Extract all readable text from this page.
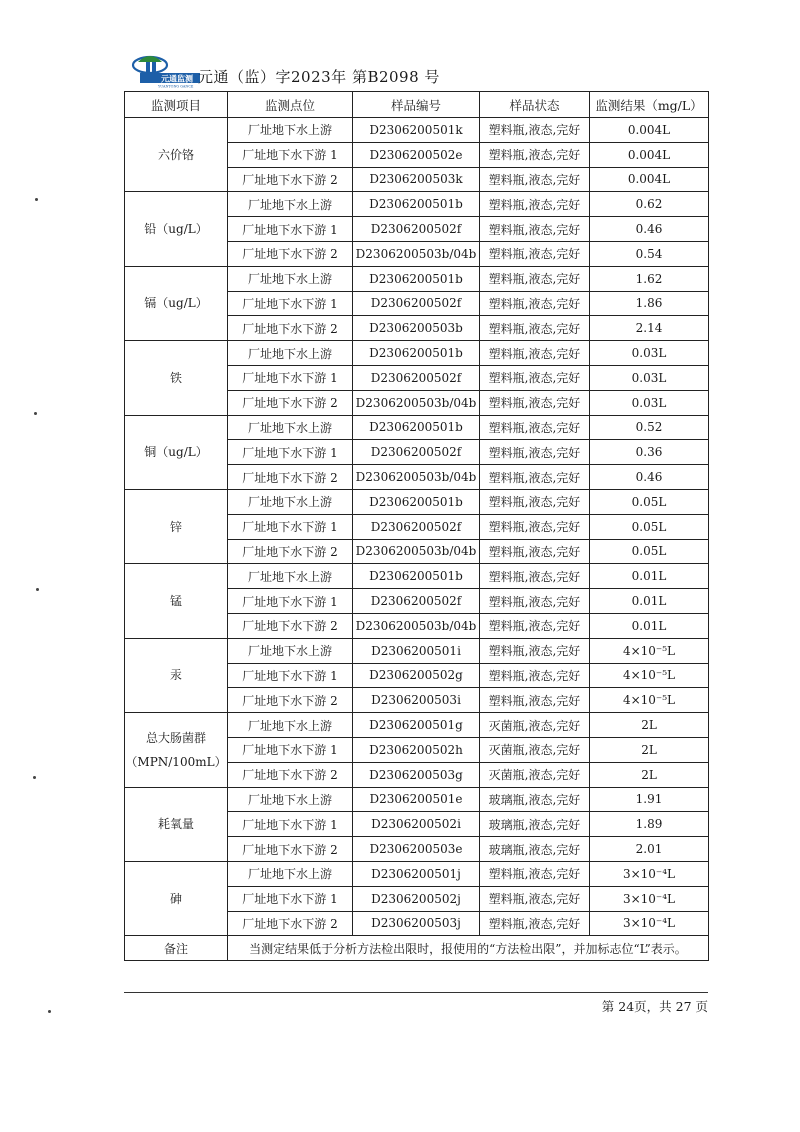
元通监测
YUANTONG GANCE
元通（监）字2023年 第B2098 号
监测项目	监测点位	样品编号	样品状态	监测结果（mg/L）

六价铬	厂址地下水上游	D2306200501k	塑料瓶,液态,完好	0.004L
	厂址地下水下游 1	D2306200502e	塑料瓶,液态,完好	0.004L
	厂址地下水下游 2	D2306200503k	塑料瓶,液态,完好	0.004L

铅（ug/L）	厂址地下水上游	D2306200501b	塑料瓶,液态,完好	0.62
	厂址地下水下游 1	D2306200502f	塑料瓶,液态,完好	0.46
	厂址地下水下游 2	D2306200503b/04b	塑料瓶,液态,完好	0.54

镉（ug/L）	厂址地下水上游	D2306200501b	塑料瓶,液态,完好	1.62
	厂址地下水下游 1	D2306200502f	塑料瓶,液态,完好	1.86
	厂址地下水下游 2	D2306200503b	塑料瓶,液态,完好	2.14

铁	厂址地下水上游	D2306200501b	塑料瓶,液态,完好	0.03L
	厂址地下水下游 1	D2306200502f	塑料瓶,液态,完好	0.03L
	厂址地下水下游 2	D2306200503b/04b	塑料瓶,液态,完好	0.03L

铜（ug/L）	厂址地下水上游	D2306200501b	塑料瓶,液态,完好	0.52
	厂址地下水下游 1	D2306200502f	塑料瓶,液态,完好	0.36
	厂址地下水下游 2	D2306200503b/04b	塑料瓶,液态,完好	0.46

锌	厂址地下水上游	D2306200501b	塑料瓶,液态,完好	0.05L
	厂址地下水下游 1	D2306200502f	塑料瓶,液态,完好	0.05L
	厂址地下水下游 2	D2306200503b/04b	塑料瓶,液态,完好	0.05L

锰	厂址地下水上游	D2306200501b	塑料瓶,液态,完好	0.01L
	厂址地下水下游 1	D2306200502f	塑料瓶,液态,完好	0.01L
	厂址地下水下游 2	D2306200503b/04b	塑料瓶,液态,完好	0.01L

汞	厂址地下水上游	D2306200501i	塑料瓶,液态,完好	4×10⁻⁵L
	厂址地下水下游 1	D2306200502g	塑料瓶,液态,完好	4×10⁻⁵L
	厂址地下水下游 2	D2306200503i	塑料瓶,液态,完好	4×10⁻⁵L

总大肠菌群
（MPN/100mL）	厂址地下水上游	D2306200501g	灭菌瓶,液态,完好	2L
	厂址地下水下游 1	D2306200502h	灭菌瓶,液态,完好	2L
	厂址地下水下游 2	D2306200503g	灭菌瓶,液态,完好	2L

耗氧量	厂址地下水上游	D2306200501e	玻璃瓶,液态,完好	1.91
	厂址地下水下游 1	D2306200502i	玻璃瓶,液态,完好	1.89
	厂址地下水下游 2	D2306200503e	玻璃瓶,液态,完好	2.01

砷	厂址地下水上游	D2306200501j	塑料瓶,液态,完好	3×10⁻⁴L
	厂址地下水下游 1	D2306200502j	塑料瓶,液态,完好	3×10⁻⁴L
	厂址地下水下游 2	D2306200503j	塑料瓶,液态,完好	3×10⁻⁴L
备注	当测定结果低于分析方法检出限时，报使用的“方法检出限”，并加标志位“L”表示。			
第 24页，共 27 页
